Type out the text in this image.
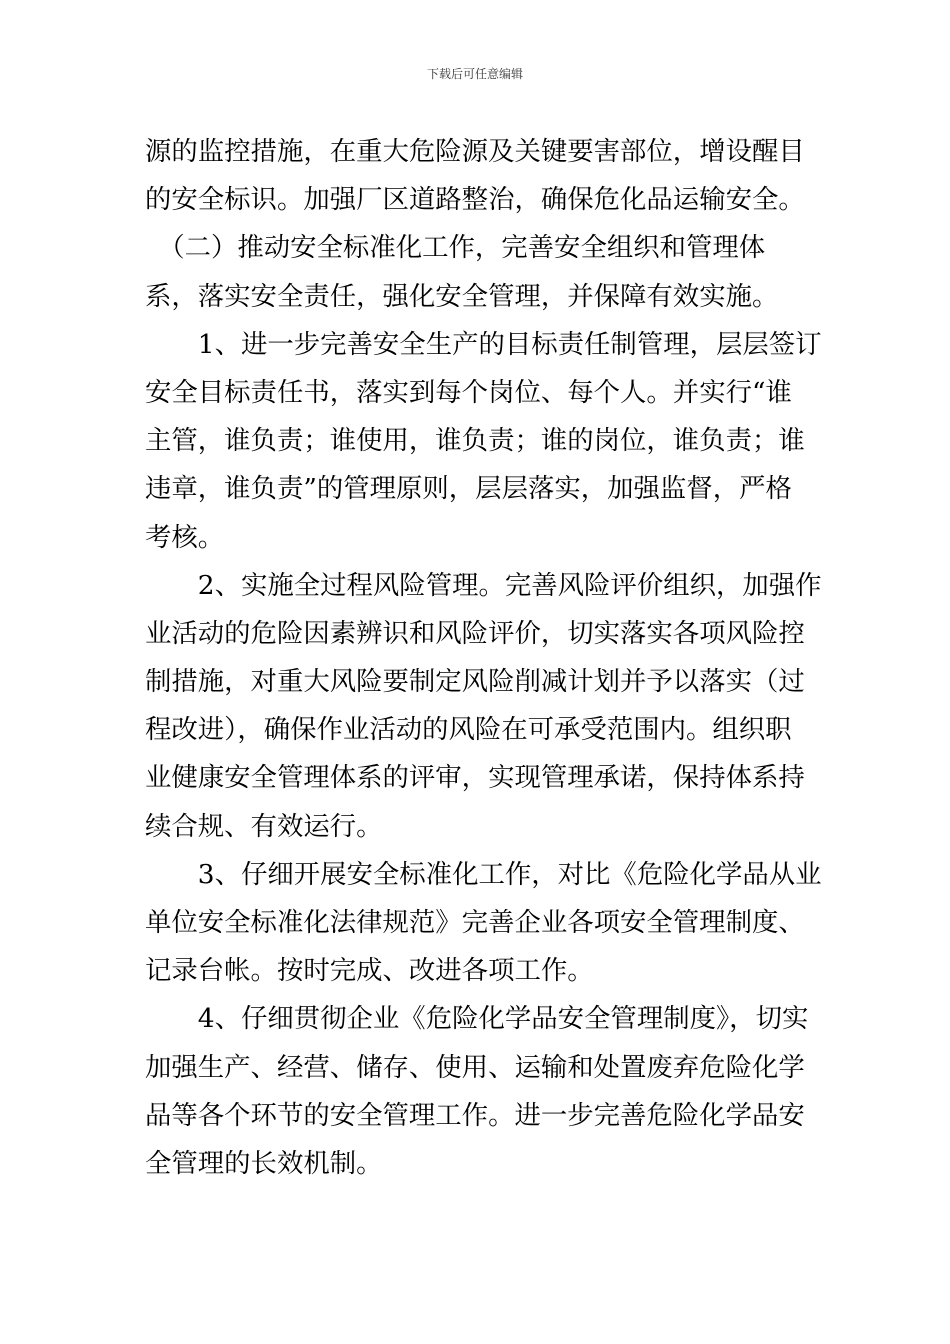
下载后可任意编辑
源的监控措施，在重大危险源及关键要害部位，增设醒目
的安全标识。加强厂区道路整治，确保危化品运输安全。
　（二）推动安全标准化工作，完善安全组织和管理体
系，落实安全责任，强化安全管理，并保障有效实施。
　　1、进一步完善安全生产的目标责任制管理，层层签订
安全目标责任书，落实到每个岗位、每个人。并实行“谁
主管，谁负责；谁使用，谁负责；谁的岗位，谁负责；谁
违章，谁负责”的管理原则，层层落实，加强监督，严格
考核。
　　2、实施全过程风险管理。完善风险评价组织，加强作
业活动的危险因素辨识和风险评价，切实落实各项风险控
制措施，对重大风险要制定风险削减计划并予以落实（过
程改进），确保作业活动的风险在可承受范围内。组织职
业健康安全管理体系的评审，实现管理承诺，保持体系持
续合规、有效运行。
　　3、仔细开展安全标准化工作，对比《危险化学品从业
单位安全标准化法律规范》完善企业各项安全管理制度、
记录台帐。按时完成、改进各项工作。
　　4、仔细贯彻企业《危险化学品安全管理制度》，切实
加强生产、经营、储存、使用、运输和处置废弃危险化学
品等各个环节的安全管理工作。进一步完善危险化学品安
全管理的长效机制。
